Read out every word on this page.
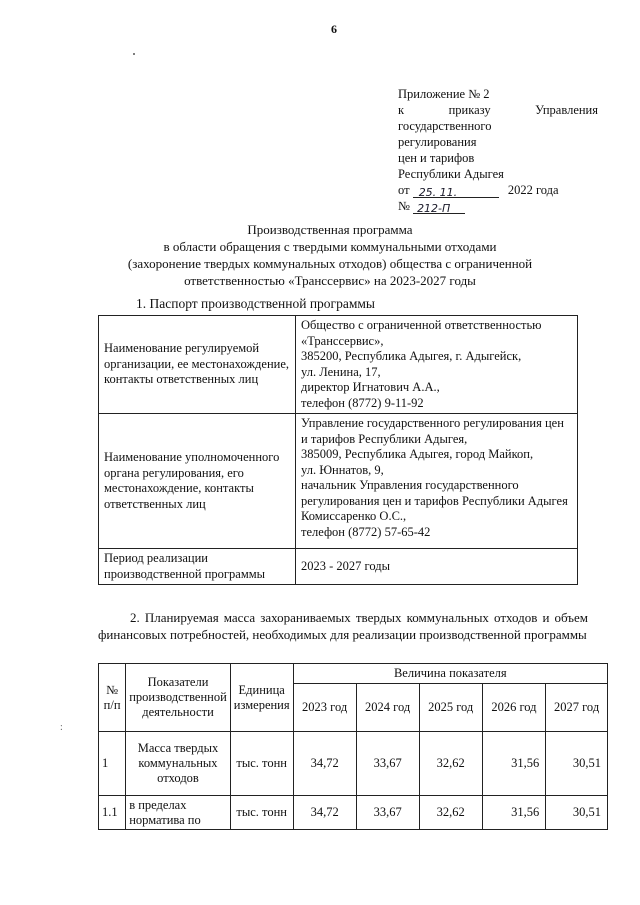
6
Приложение № 2
к	приказу	Управления
государственного
регулирования
цен и тарифов
Республики Адыгея
от 25. 11.	2022 года
№ 212-П
Производственная программа
в области обращения с твердыми коммунальными отходами
(захоронение твердых коммунальных отходов) общества с ограниченной
ответственностью «Транссервис» на 2023-2027 годы
1. Паспорт производственной программы
Наименование регулируемой организации, ее местонахождение, контакты ответственных лиц	Общество с ограниченной ответственностью «Транссервис»,
385200, Республика Адыгея, г. Адыгейск,
ул. Ленина, 17,
директор Игнатович А.А.,
телефон (8772) 9-11-92

Наименование уполномоченного органа регулирования, его местонахождение, контакты ответственных лиц	Управление государственного регулирования цен и тарифов Республики Адыгея,
385009, Республика Адыгея, город Майкоп,
ул. Юннатов, 9,
начальник Управления государственного регулирования цен и тарифов Республики Адыгея Комиссаренко О.С.,
телефон (8772) 57-65-42

Период реализации производственной программы	2023 - 2027 годы
2. Планируемая масса захораниваемых твердых коммунальных отходов и объем финансовых потребностей, необходимых для реализации производственной программы
:
№ п/п	Показатели производственной деятельности	Единица измерения	Величина показателя				
			2023 год	2024 год	2025 год	2026 год	2027 год
1	Масса твердых коммунальных отходов	тыс. тонн	34,72	33,67	32,62	31,56	30,51
1.1	в пределах норматива по	тыс. тонн	34,72	33,67	32,62	31,56	30,51
